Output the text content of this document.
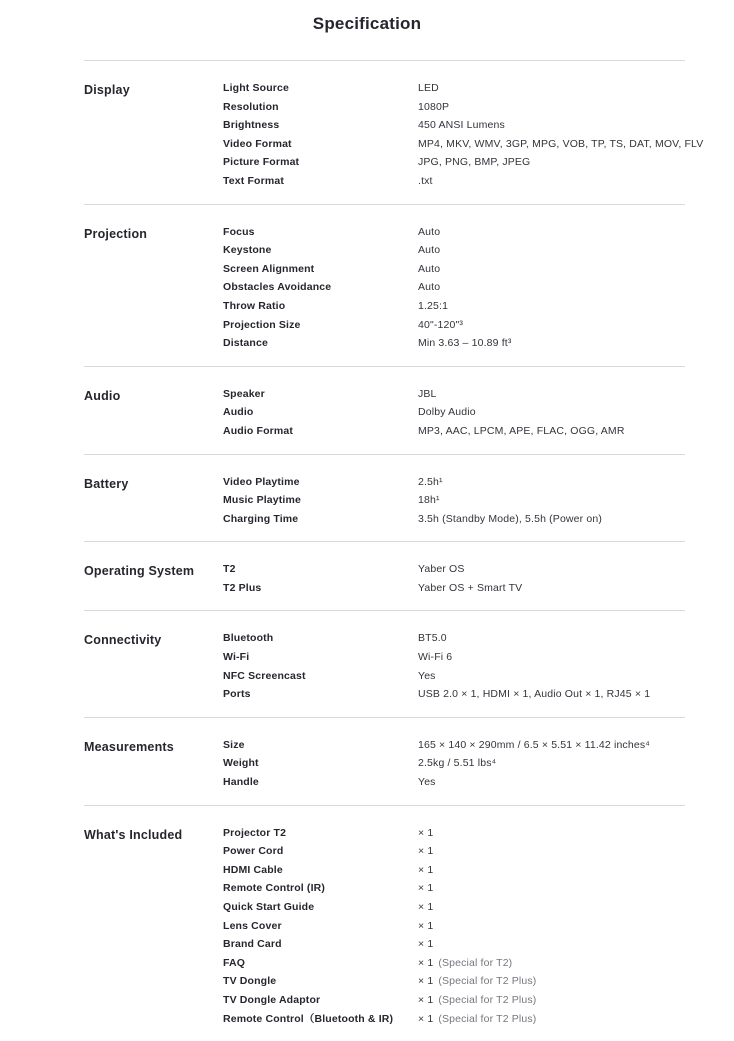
Specification
Display	Light Source	LED
Resolution	1080P
Brightness	450 ANSI Lumens
Video Format	MP4, MKV, WMV, 3GP, MPG, VOB, TP, TS, DAT, MOV, FLV
Picture Format	JPG, PNG, BMP, JPEG
Text Format	.txt
Projection	Focus	Auto
Keystone	Auto
Screen Alignment	Auto
Obstacles Avoidance	Auto
Throw Ratio	1.25:1
Projection Size	40"-120"³
Distance	Min 3.63 – 10.89 ft³
Audio	Speaker	JBL
Audio	Dolby Audio
Audio Format	MP3, AAC, LPCM, APE, FLAC, OGG, AMR
Battery	Video Playtime	2.5h¹
Music Playtime	18h¹
Charging Time	3.5h (Standby Mode), 5.5h (Power on)
Operating System	T2	Yaber OS
T2 Plus	Yaber OS + Smart TV
Connectivity	Bluetooth	BT5.0
Wi-Fi	Wi-Fi 6
NFC Screencast	Yes
Ports	USB 2.0 × 1, HDMI × 1, Audio Out × 1, RJ45 × 1
Measurements	Size	165 × 140 × 290mm / 6.5 × 5.51 × 11.42 inches⁴
Weight	2.5kg / 5.51 lbs⁴
Handle	Yes
What's Included	Projector T2	× 1
Power Cord	× 1
HDMI Cable	× 1
Remote Control (IR)	× 1
Quick Start Guide	× 1
Lens Cover	× 1
Brand Card	× 1
FAQ	× 1 (Special for T2)
TV Dongle	× 1 (Special for T2 Plus)
TV Dongle Adaptor	× 1 (Special for T2 Plus)
Remote Control（Bluetooth & IR)	× 1 (Special for T2 Plus)
